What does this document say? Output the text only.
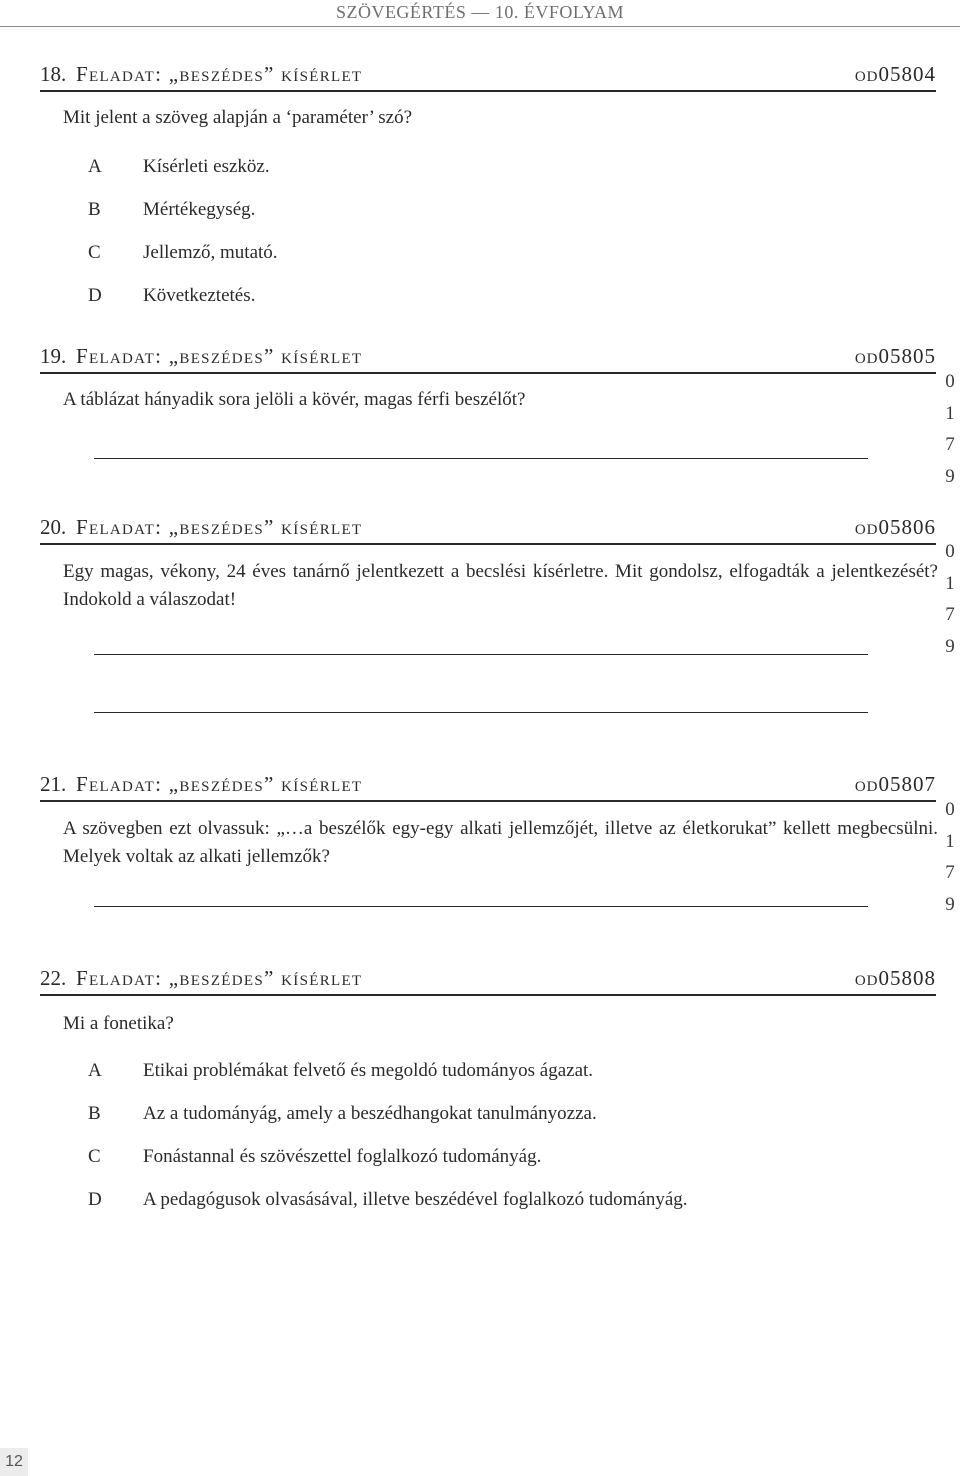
SZÖVEGÉRTÉS — 10. ÉVFOLYAM
18. feladat: „beszédes” kísérlet	od05804
Mit jelent a szöveg alapján a ‘paraméter’ szó?
A Kísérleti eszköz.
B Mértékegység.
C Jellemző, mutató.
D Következtetés.
19. feladat: „beszédes” kísérlet	od05805
A táblázat hányadik sora jelöli a kövér, magas férfi beszélőt?
0
1
7
9
20. feladat: „beszédes” kísérlet	od05806
Egy magas, vékony, 24 éves tanárnő jelentkezett a becslési kísérletre. Mit gondolsz, elfogadták a jelentkezését? Indokold a válaszodat!
0
1
7
9
21. feladat: „beszédes” kísérlet	od05807
A szövegben ezt olvassuk: „…a beszélők egy-egy alkati jellemzőjét, illetve az életkorukat” kellett megbecsülni. Melyek voltak az alkati jellemzők?
0
1
7
9
22. feladat: „beszédes” kísérlet	od05808
Mi a fonetika?
A Etikai problémákat felvető és megoldó tudományos ágazat.
B Az a tudományág, amely a beszédhangokat tanulmányozza.
C Fonástannal és szövészettel foglalkozó tudományág.
D A pedagógusok olvasásával, illetve beszédével foglalkozó tudományág.
12
